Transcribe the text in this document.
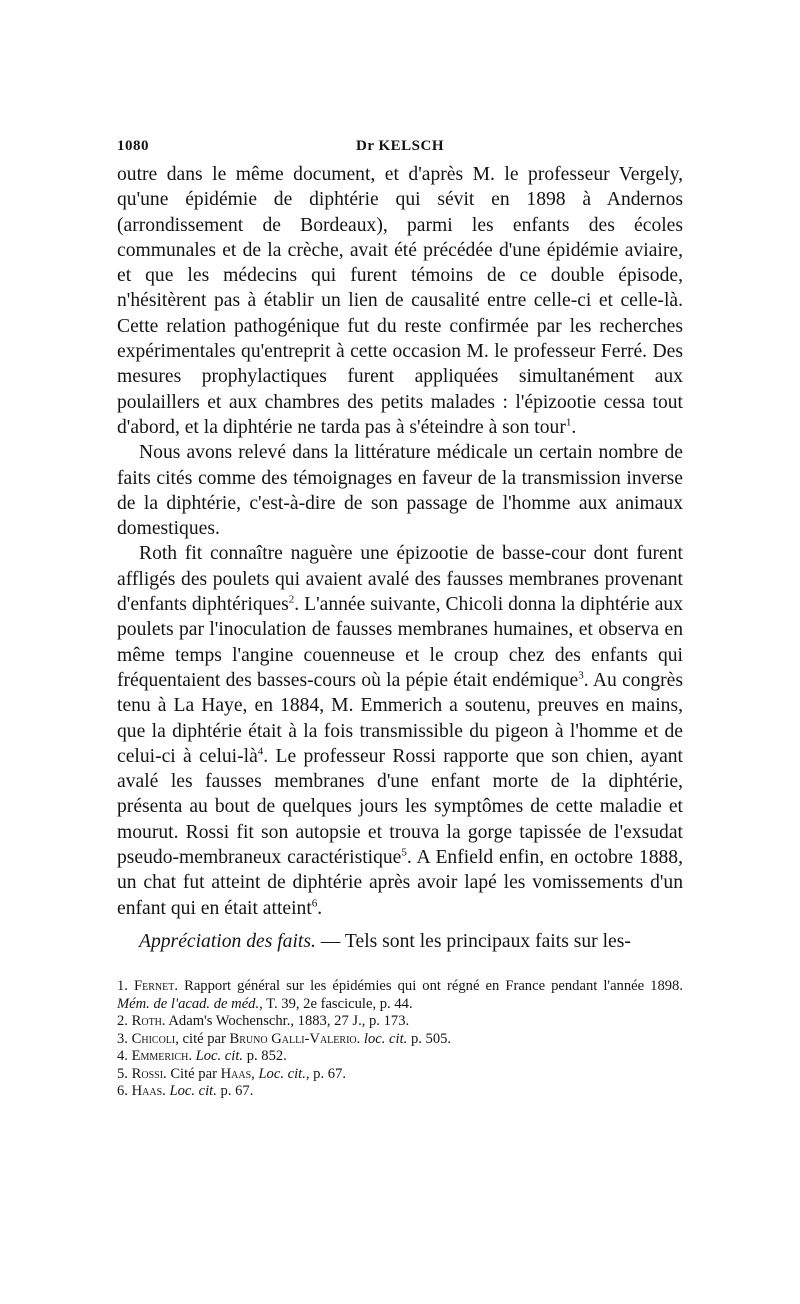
1080	Dr KELSCH

outre dans le même document, et d'après M. le professeur Vergely, qu'une épidémie de diphtérie qui sévit en 1898 à Andernos (arrondissement de Bordeaux), parmi les enfants des écoles communales et de la crèche, avait été précédée d'une épidémie aviaire, et que les médecins qui furent témoins de ce double épisode, n'hésitèrent pas à établir un lien de causalité entre celle-ci et celle-là. Cette relation pathogénique fut du reste confirmée par les recherches expérimentales qu'entreprit à cette occasion M. le professeur Ferré. Des mesures prophylactiques furent appliquées simultanément aux poulaillers et aux chambres des petits malades : l'épizootie cessa tout d'abord, et la diphtérie ne tarda pas à s'éteindre à son tour$^1$.

Nous avons relevé dans la littérature médicale un certain nombre de faits cités comme des témoignages en faveur de la transmission inverse de la diphtérie, c'est-à-dire de son passage de l'homme aux animaux domestiques.

Roth fit connaître naguère une épizootie de basse-cour dont furent affligés des poulets qui avaient avalé des fausses membranes provenant d'enfants diphtériques$^2$. L'année suivante, Chicoli donna la diphtérie aux poulets par l'inoculation de fausses membranes humaines, et observa en même temps l'angine couenneuse et le croup chez des enfants qui fréquentaient des basses-cours où la pépie était endémique$^3$. Au congrès tenu à La Haye, en 1884, M. Emmerich a soutenu, preuves en mains, que la diphtérie était à la fois transmissible du pigeon à l'homme et de celui-ci à celui-$là^4$. Le professeur Rossi rapporte que son chien, ayant avalé les fausses membranes d'une enfant morte de la diphtérie, présenta au bout de quelques jours les symptômes de cette maladie et mourut. Rossi fit son autopsie et trouva la gorge tapissée de l'exsudat pseudo-membraneux caractéristique$^5$. A Enfield enfin, en octobre 1888, un chat fut atteint de diphtérie après avoir lapé les vomissements d'un enfant qui en était atteint$^6$.

Appréciation des faits. — Tels sont les principaux faits sur les-

1. Fernet. Rapport général sur les épidémies qui ont régné en France pendant l'année 1898. Mém. de l'acad. de méd., T. 39, 2e fascicule, p. 44.
2. Roth. Adam's Wochenschr., 1883, 27 J., p. 173.
3. Chicoli, cité par Bruno Galli-Valerio. loc. cit. p. 505.
4. Emmerich. Loc. cit. p. 852.
5. Rossi. Cité par Haas, Loc. cit., p. 67.
6. Haas. Loc. cit. p. 67.
